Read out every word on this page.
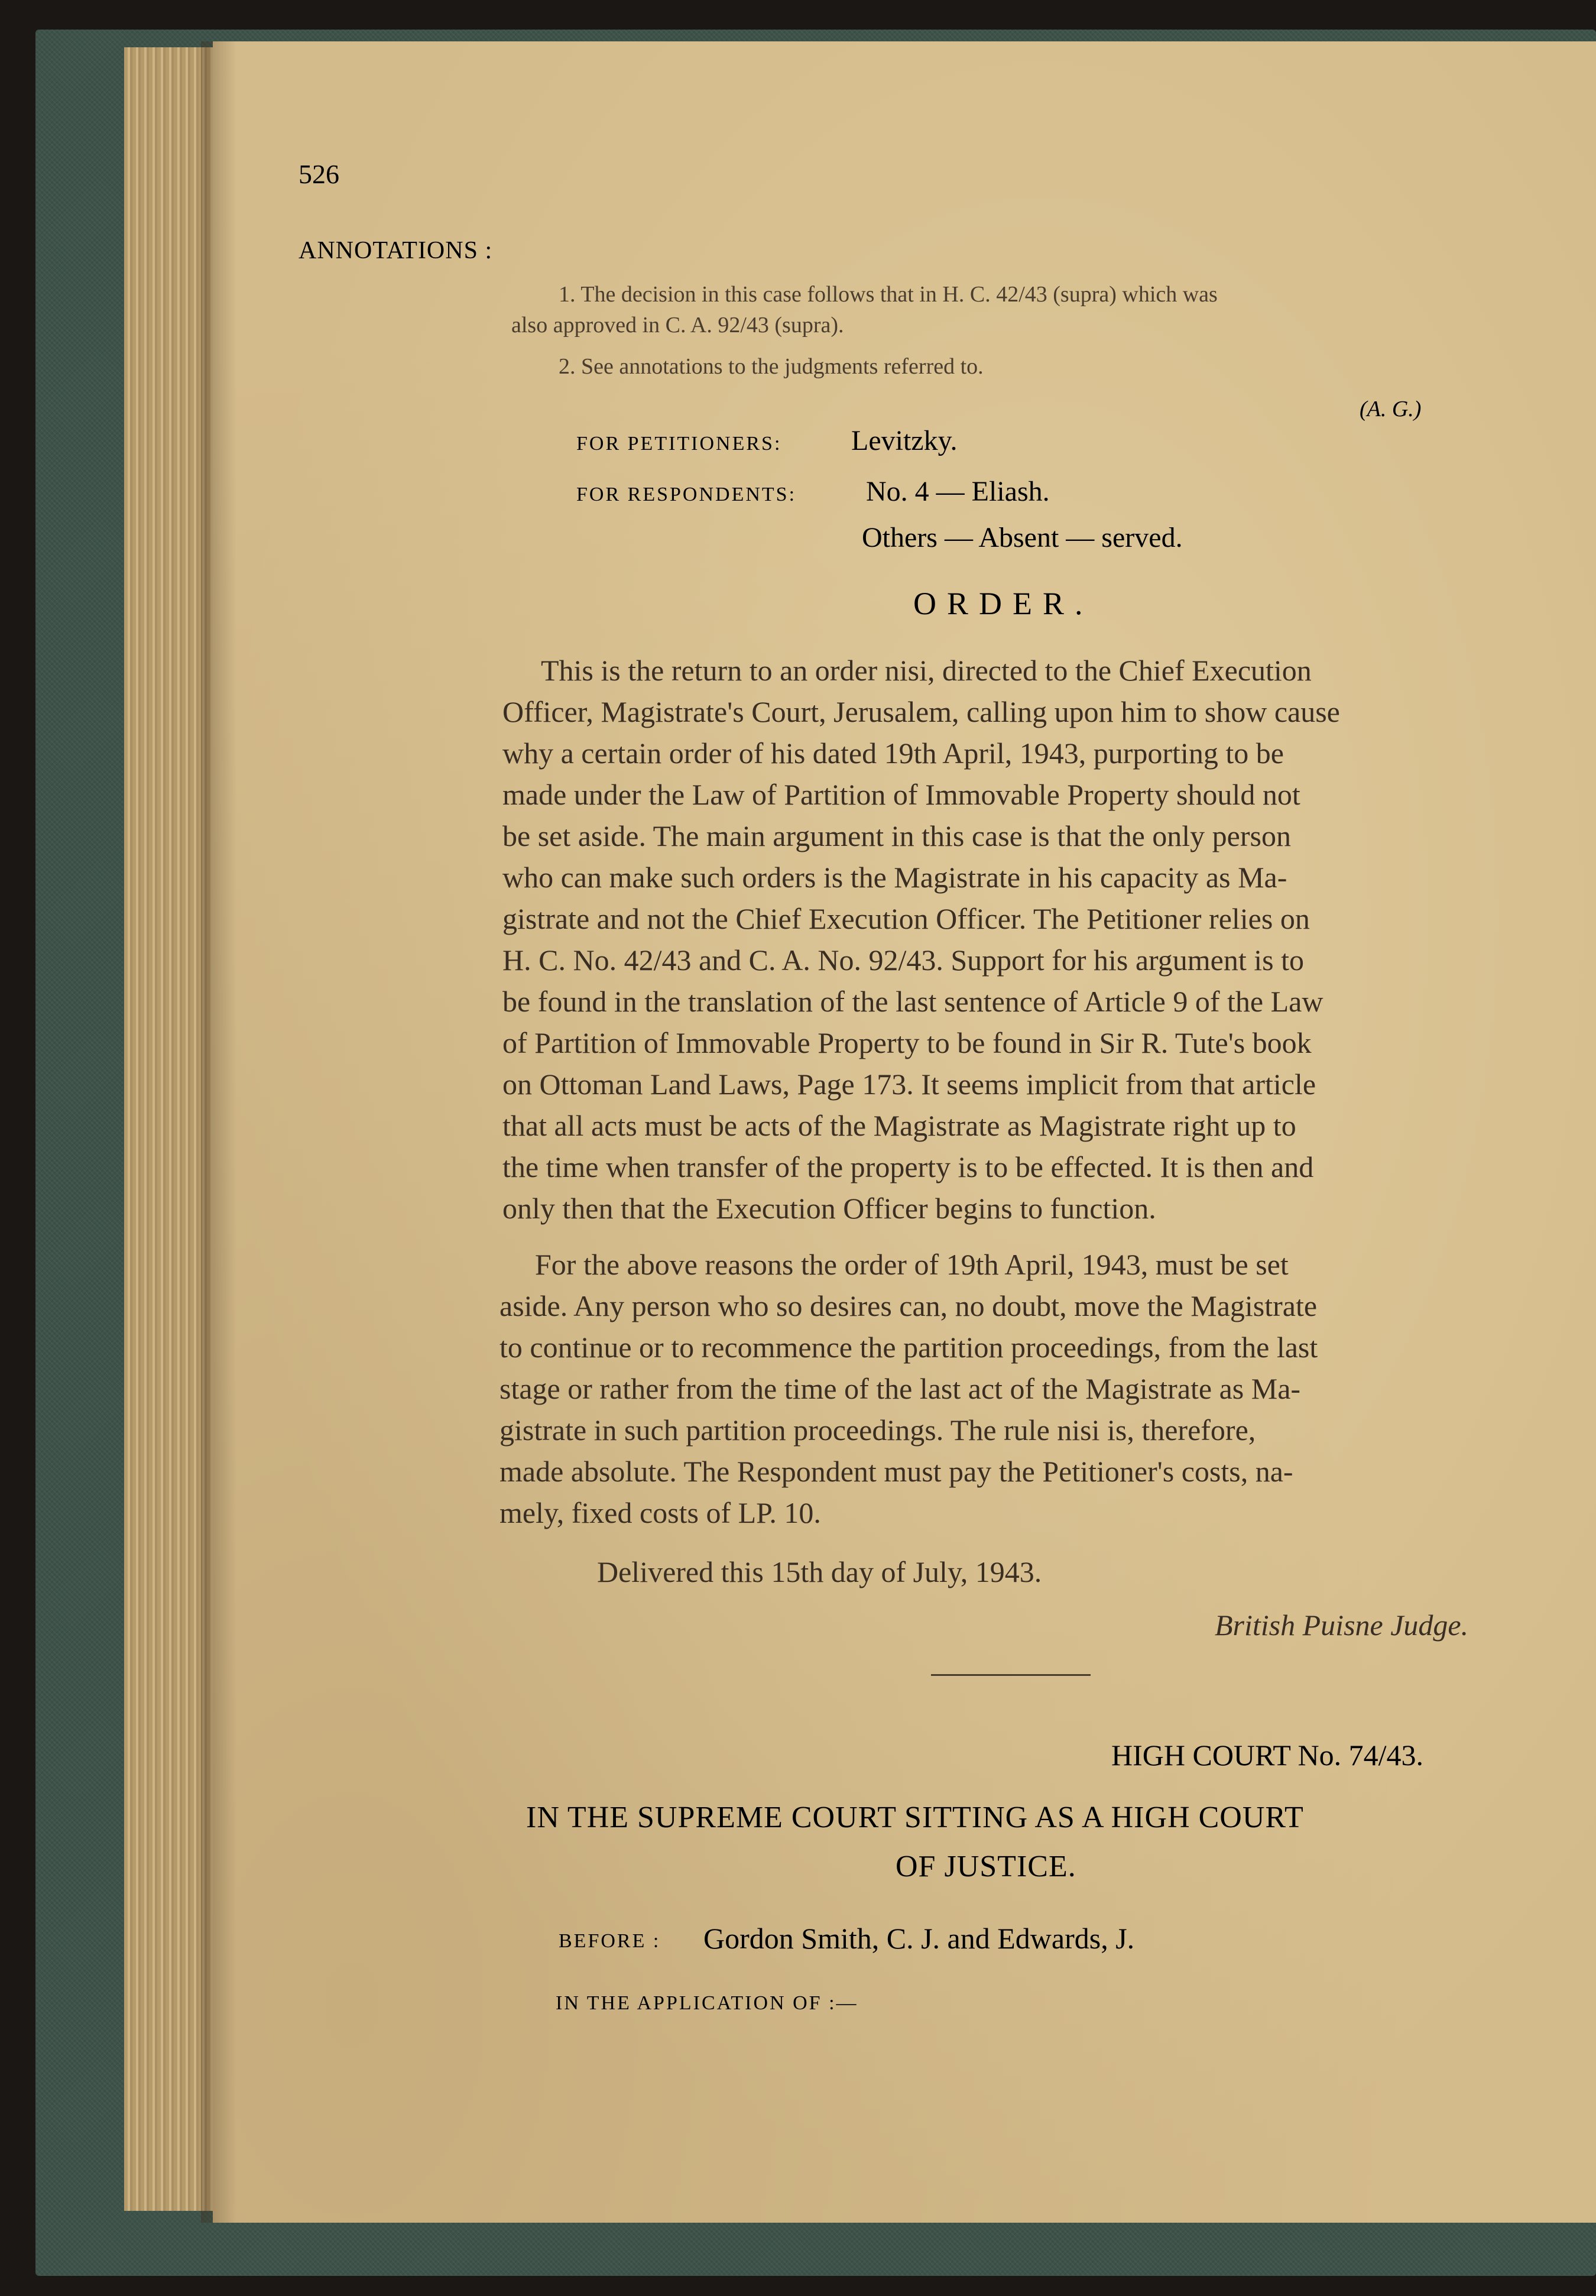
526
ANNOTATIONS :
1. The decision in this case follows that in H. C. 42/43 (supra) which was
also approved in C. A. 92/43 (supra).
2. See annotations to the judgments referred to.
(A. G.)
FOR PETITIONERS: Levitzky.
FOR RESPONDENTS: No. 4 — Eliash.
Others — Absent — served.
ORDER.
This is the return to an order nisi, directed to the Chief Execution
Officer, Magistrate's Court, Jerusalem, calling upon him to show cause
why a certain order of his dated 19th April, 1943, purporting to be
made under the Law of Partition of Immovable Property should not
be set aside. The main argument in this case is that the only person
who can make such orders is the Magistrate in his capacity as Ma-
gistrate and not the Chief Execution Officer. The Petitioner relies on
H. C. No. 42/43 and C. A. No. 92/43. Support for his argument is to
be found in the translation of the last sentence of Article 9 of the Law
of Partition of Immovable Property to be found in Sir R. Tute's book
on Ottoman Land Laws, Page 173. It seems implicit from that article
that all acts must be acts of the Magistrate as Magistrate right up to
the time when transfer of the property is to be effected. It is then and
only then that the Execution Officer begins to function.
For the above reasons the order of 19th April, 1943, must be set
aside. Any person who so desires can, no doubt, move the Magistrate
to continue or to recommence the partition proceedings, from the last
stage or rather from the time of the last act of the Magistrate as Ma-
gistrate in such partition proceedings. The rule nisi is, therefore,
made absolute. The Respondent must pay the Petitioner's costs, na-
mely, fixed costs of LP. 10.
Delivered this 15th day of July, 1943.
British Puisne Judge.
HIGH COURT No. 74/43.
IN THE SUPREME COURT SITTING AS A HIGH COURT
OF JUSTICE.
BEFORE : Gordon Smith, C. J. and Edwards, J.
IN THE APPLICATION OF :—
